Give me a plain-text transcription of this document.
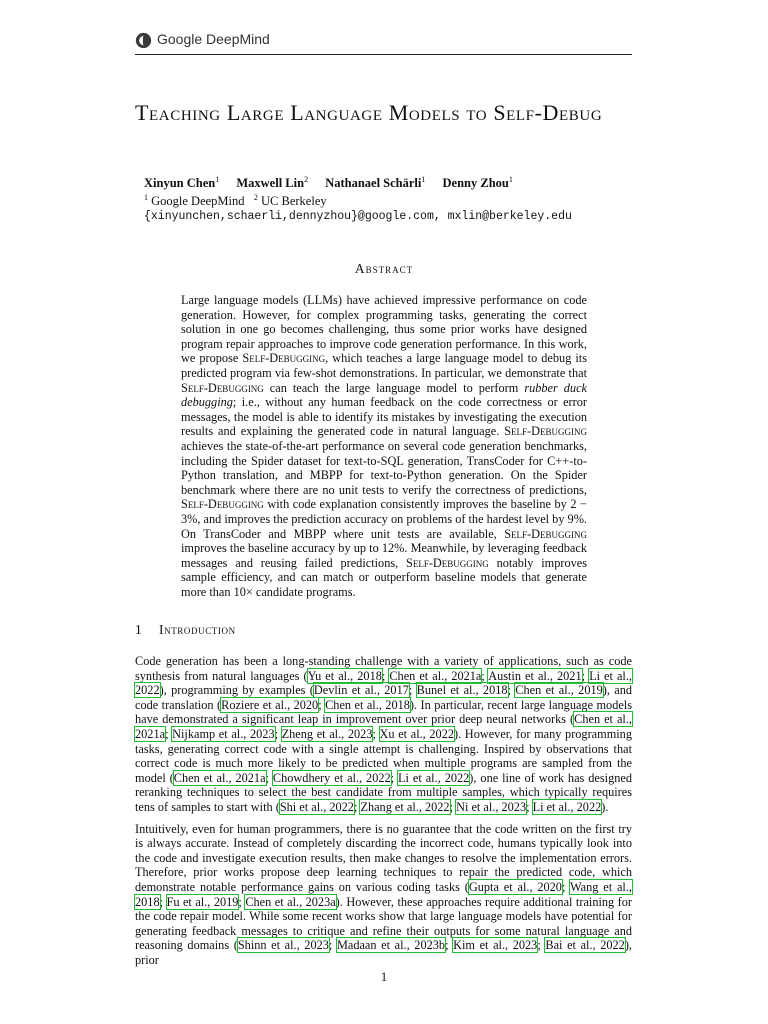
Google DeepMind
Teaching Large Language Models to Self-Debug
Xinyun Chen$^1$ Maxwell Lin$^2$ Nathanael Schärli$^1$ Denny Zhou$^1$
$^1$ Google DeepMind $^2$ UC Berkeley
{xinyunchen,schaerli,dennyzhou}@google.com, mxlin@berkeley.edu
Abstract

Large language models (LLMs) have achieved impressive performance on code generation. However, for complex programming tasks, generating the correct solution in one go becomes challenging, thus some prior works have designed program repair approaches to improve code generation performance. In this work, we propose Self-Debugging, which teaches a large language model to debug its predicted program via few-shot demonstrations. In particular, we demonstrate that Self-Debugging can teach the large language model to perform rubber duck debugging; i.e., without any human feedback on the code correctness or error messages, the model is able to identify its mistakes by investigating the execution results and explaining the generated code in natural language. Self-Debugging achieves the state-of-the-art performance on several code generation benchmarks, including the Spider dataset for text-to-SQL generation, TransCoder for C++-to-Python translation, and MBPP for text-to-Python generation. On the Spider benchmark where there are no unit tests to verify the correctness of predictions, Self-Debugging with code explanation consistently improves the baseline by 2 − 3%, and improves the prediction accuracy on problems of the hardest level by 9%. On TransCoder and MBPP where unit tests are available, Self-Debugging improves the baseline accuracy by up to 12%. Meanwhile, by leveraging feedback messages and reusing failed predictions, Self-Debugging notably improves sample efficiency, and can match or outperform baseline models that generate more than 10× candidate programs.

1 Introduction

Code generation has been a long-standing challenge with a variety of applications, such as code synthesis from natural languages (Yu et al., 2018; Chen et al., 2021a; Austin et al., 2021; Li et al., 2022), programming by examples (Devlin et al., 2017; Bunel et al., 2018; Chen et al., 2019), and code translation (Roziere et al., 2020; Chen et al., 2018). In particular, recent large language models have demonstrated a significant leap in improvement over prior deep neural networks (Chen et al., 2021a; Nijkamp et al., 2023; Zheng et al., 2023; Xu et al., 2022). However, for many programming tasks, generating correct code with a single attempt is challenging. Inspired by observations that correct code is much more likely to be predicted when multiple programs are sampled from the model (Chen et al., 2021a; Chowdhery et al., 2022; Li et al., 2022), one line of work has designed reranking techniques to select the best candidate from multiple samples, which typically requires tens of samples to start with (Shi et al., 2022; Zhang et al., 2022; Ni et al., 2023; Li et al., 2022).

Intuitively, even for human programmers, there is no guarantee that the code written on the first try is always accurate. Instead of completely discarding the incorrect code, humans typically look into the code and investigate execution results, then make changes to resolve the implementation errors. Therefore, prior works propose deep learning techniques to repair the predicted code, which demonstrate notable performance gains on various coding tasks (Gupta et al., 2020; Wang et al., 2018; Fu et al., 2019; Chen et al., 2023a). However, these approaches require additional training for the code repair model. While some recent works show that large language models have potential for generating feedback messages to critique and refine their outputs for some natural language and reasoning domains (Shinn et al., 2023; Madaan et al., 2023b; Kim et al., 2023; Bai et al., 2022), prior

1
